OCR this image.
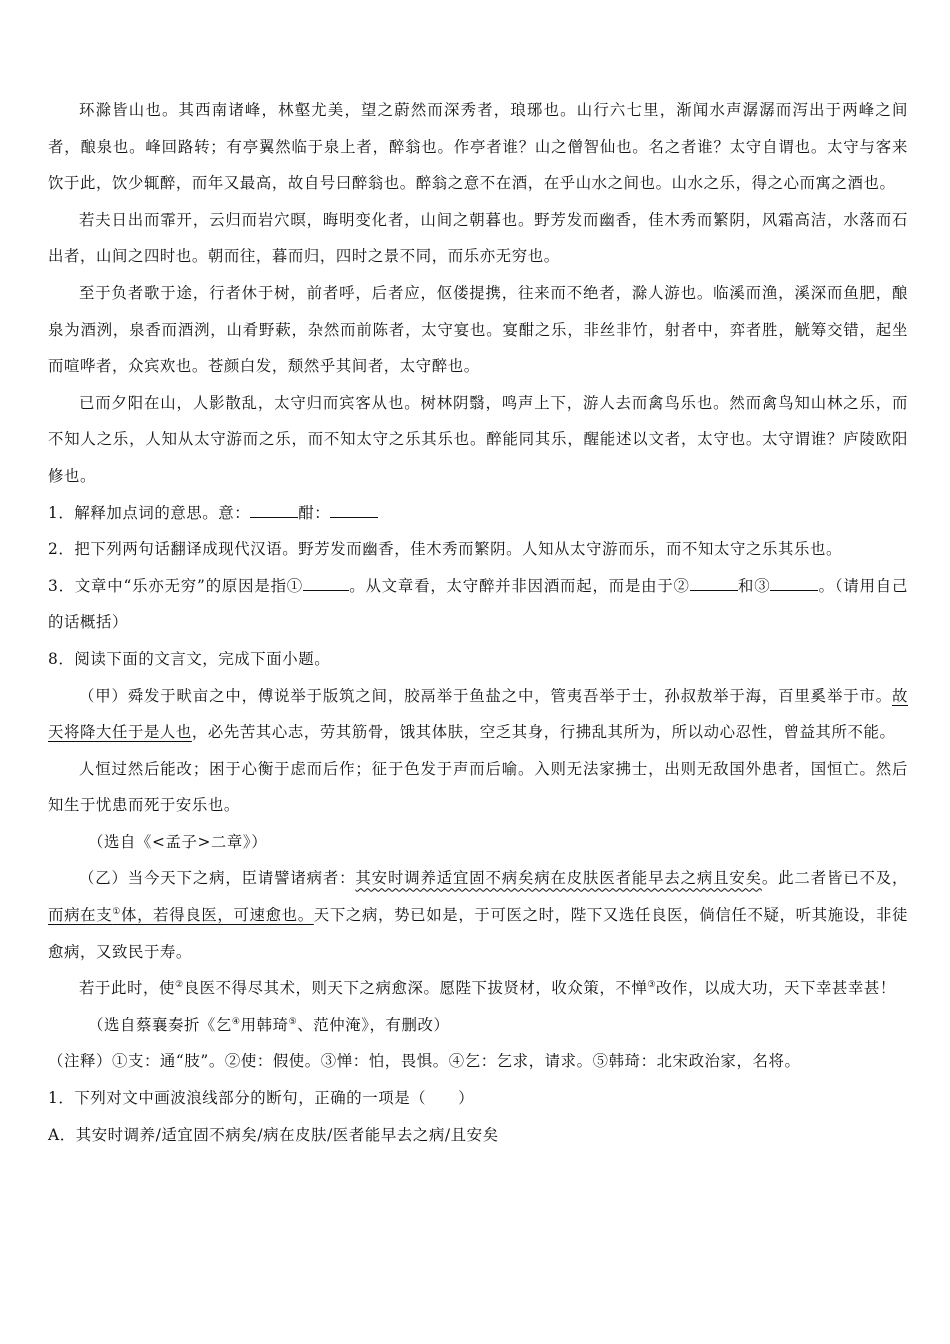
环滁皆山也。其西南诸峰，林壑尤美，望之蔚然而深秀者，琅琊也。山行六七里，渐闻水声潺潺而泻出于两峰之间者，酿泉也。峰回路转；有亭翼然临于泉上者，醉翁也。作亭者谁？山之僧智仙也。名之者谁？太守自谓也。太守与客来饮于此，饮少辄醉，而年又最高，故自号曰醉翁也。醉翁之意不在酒，在乎山水之间也。山水之乐，得之心而寓之酒也。

若夫日出而霏开，云归而岩穴暝，晦明变化者，山间之朝暮也。野芳发而幽香，佳木秀而繁阴，风霜高洁，水落而石出者，山间之四时也。朝而往，暮而归，四时之景不同，而乐亦无穷也。

至于负者歌于途，行者休于树，前者呼，后者应，伛偻提携，往来而不绝者，滁人游也。临溪而渔，溪深而鱼肥，酿泉为酒洌，泉香而酒洌，山肴野蔌，杂然而前陈者，太守宴也。宴酣之乐，非丝非竹，射者中，弈者胜，觥筹交错，起坐而喧哗者，众宾欢也。苍颜白发，颓然乎其间者，太守醉也。

已而夕阳在山，人影散乱，太守归而宾客从也。树林阴翳，鸣声上下，游人去而禽鸟乐也。然而禽鸟知山林之乐，而不知人之乐，人知从太守游而之乐，而不知太守之乐其乐也。醉能同其乐，醒能述以文者，太守也。太守谓谁？庐陵欧阳修也。

1．解释加点词的意思。意：	酣：

2．把下列两句话翻译成现代汉语。野芳发而幽香，佳木秀而繁阴。人知从太守游而乐，而不知太守之乐其乐也。

3．文章中“乐亦无穷”的原因是指①	。从文章看，太守醉并非因酒而起，而是由于②	和③	。（请用自己的话概括）

8．阅读下面的文言文，完成下面小题。

（甲）舜发于畎亩之中，傅说举于版筑之间，胶鬲举于鱼盐之中，管夷吾举于士，孙叔敖举于海，百里奚举于市。故天将降大任于是人也，必先苦其心志，劳其筋骨，饿其体肤，空乏其身，行拂乱其所为，所以动心忍性，曾益其所不能。

人恒过然后能改；困于心衡于虑而后作；征于色发于声而后喻。入则无法家拂士，出则无敌国外患者，国恒亡。然后知生于忧患而死于安乐也。

（选自《<孟子>二章》）

（乙）当今天下之病，臣请譬诸病者：其安时调养适宜固不病矣病在皮肤医者能早去之病且安矣。此二者皆已不及，而病在支①体，若得良医，可速愈也。天下之病，势已如是，于可医之时，陛下又选任良医，倘信任不疑，听其施设，非徒愈病，又致民于寿。

若于此时，使②良医不得尽其术，则天下之病愈深。愿陛下拔贤材，收众策，不惮③改作，以成大功，天下幸甚幸甚！

（选自蔡襄奏折《乞④用韩琦⑤、范仲淹》，有删改）

（注释）①支：通“肢”。②使：假使。③惮：怕，畏惧。④乞：乞求，请求。⑤韩琦：北宋政治家，名将。

1．下列对文中画波浪线部分的断句，正确的一项是（　　）

A．其安时调养/适宜固不病矣/病在皮肤/医者能早去之病/且安矣
